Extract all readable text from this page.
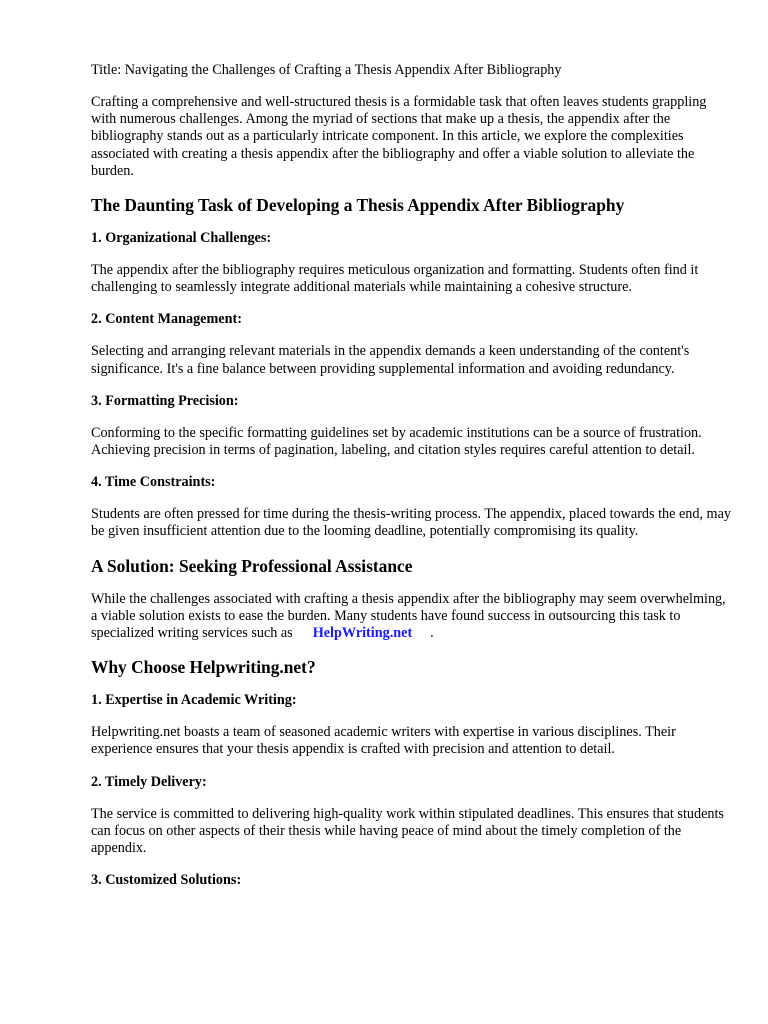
Title: Navigating the Challenges of Crafting a Thesis Appendix After Bibliography

Crafting a comprehensive and well-structured thesis is a formidable task that often leaves students grappling with numerous challenges. Among the myriad of sections that make up a thesis, the appendix after the bibliography stands out as a particularly intricate component. In this article, we explore the complexities associated with creating a thesis appendix after the bibliography and offer a viable solution to alleviate the burden.

The Daunting Task of Developing a Thesis Appendix After Bibliography
1. Organizational Challenges:

The appendix after the bibliography requires meticulous organization and formatting. Students often find it challenging to seamlessly integrate additional materials while maintaining a cohesive structure.

2. Content Management:

Selecting and arranging relevant materials in the appendix demands a keen understanding of the content's significance. It's a fine balance between providing supplemental information and avoiding redundancy.

3. Formatting Precision:

Conforming to the specific formatting guidelines set by academic institutions can be a source of frustration. Achieving precision in terms of pagination, labeling, and citation styles requires careful attention to detail.

4. Time Constraints:

Students are often pressed for time during the thesis-writing process. The appendix, placed towards the end, may be given insufficient attention due to the looming deadline, potentially compromising its quality.

A Solution: Seeking Professional Assistance

While the challenges associated with crafting a thesis appendix after the bibliography may seem overwhelming, a viable solution exists to ease the burden. Many students have found success in outsourcing this task to specialized writing services such as HelpWriting.net .

Why Choose Helpwriting.net?
1. Expertise in Academic Writing:

Helpwriting.net boasts a team of seasoned academic writers with expertise in various disciplines. Their experience ensures that your thesis appendix is crafted with precision and attention to detail.

2. Timely Delivery:

The service is committed to delivering high-quality work within stipulated deadlines. This ensures that students can focus on other aspects of their thesis while having peace of mind about the timely completion of the appendix.

3. Customized Solutions:
